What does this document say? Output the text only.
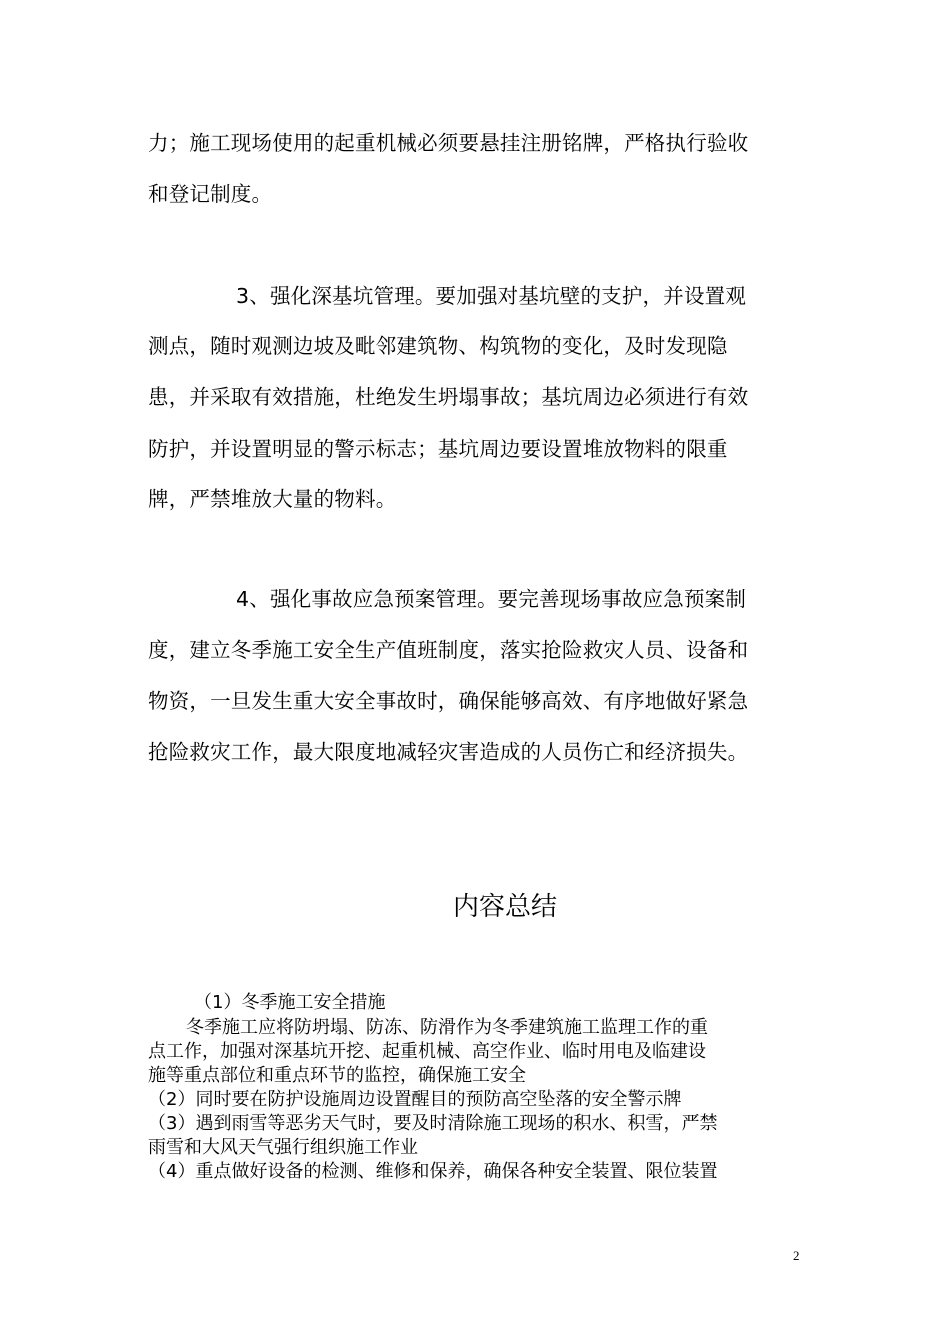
力；施工现场使用的起重机械必须要悬挂注册铭牌，严格执行验收
和登记制度。
3、强化深基坑管理。要加强对基坑壁的支护，并设置观
测点，随时观测边坡及毗邻建筑物、构筑物的变化，及时发现隐
患，并采取有效措施，杜绝发生坍塌事故；基坑周边必须进行有效
防护，并设置明显的警示标志；基坑周边要设置堆放物料的限重
牌，严禁堆放大量的物料。
4、强化事故应急预案管理。要完善现场事故应急预案制
度，建立冬季施工安全生产值班制度，落实抢险救灾人员、设备和
物资，一旦发生重大安全事故时，确保能够高效、有序地做好紧急
抢险救灾工作，最大限度地减轻灾害造成的人员伤亡和经济损失。
内容总结
（1）冬季施工安全措施
冬季施工应将防坍塌、防冻、防滑作为冬季建筑施工监理工作的重
点工作，加强对深基坑开挖、起重机械、高空作业、临时用电及临建设
施等重点部位和重点环节的监控，确保施工安全
（2）同时要在防护设施周边设置醒目的预防高空坠落的安全警示牌
（3）遇到雨雪等恶劣天气时，要及时清除施工现场的积水、积雪，严禁
雨雪和大风天气强行组织施工作业
（4）重点做好设备的检测、维修和保养，确保各种安全装置、限位装置
2
